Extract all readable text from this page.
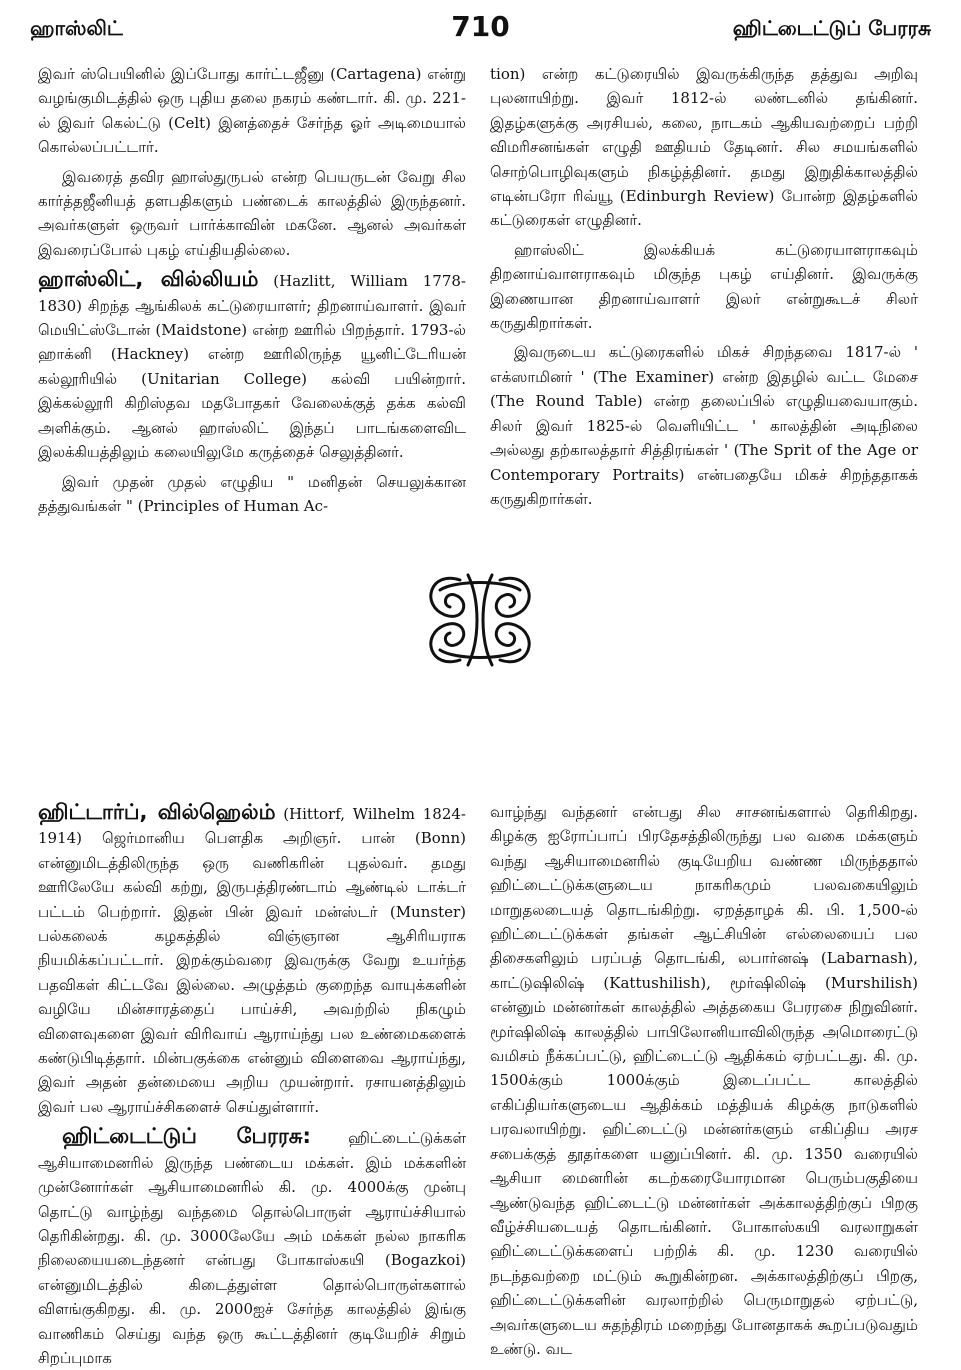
ஹாஸ்லிட்	710	ஹிட்டைட்டுப் பேரரசு

இவர் ஸ்பெயினில் இப்போது கார்ட்டஜீனு (Cartagena) என்று வழங்குமிடத்தில் ஒரு புதிய தலை நகரம் கண்டார். கி. மு. 221-ல் இவர் கெல்ட்டு (Celt) இனத்தைச் சேர்ந்த ஓர் அடிமையால் கொல்லப்பட்டார்.

இவரைத் தவிர ஹாஸ்துருபல் என்ற பெயருடன் வேறு சில கார்த்தஜீனியத் தளபதிகளும் பண்டைக் காலத்தில் இருந்தனர். அவர்களுள் ஒருவர் பார்க்காவின் மகனே. ஆனல் அவர்கள் இவரைப்போல் புகழ் எய்தியதில்லை.

ஹாஸ்லிட், வில்லியம் (Hazlitt, William 1778-1830) சிறந்த ஆங்கிலக் கட்டுரையாளர்; திறனாய்வாளர். இவர் மெயிட்ஸ்டோன் (Maidstone) என்ற ஊரில் பிறந்தார். 1793-ல் ஹாக்னி (Hackney) என்ற ஊரிலிருந்த யூனிட்டேரியன் கல்லூரியில் (Unitarian College) கல்வி பயின்றார். இக்கல்லூரி கிறிஸ்தவ மதபோதகர் வேலைக்குத் தக்க கல்வி அளிக்கும். ஆனல் ஹாஸ்லிட் இந்தப் பாடங்களைவிட இலக்கியத்திலும் கலையிலுமே கருத்தைச் செலுத்தினர்.

இவர் முதன் முதல் எழுதிய " மனிதன் செயலுக்கான தத்துவங்கள் " (Principles of Human Ac-

tion) என்ற கட்டுரையில் இவருக்கிருந்த தத்துவ அறிவு புலனாயிற்று. இவர் 1812-ல் லண்டனில் தங்கினர். இதழ்களுக்கு அரசியல், கலை, நாடகம் ஆகியவற்றைப் பற்றி விமரிசனங்கள் எழுதி ஊதியம் தேடினர். சில சமயங்களில் சொற்பொழிவுகளும் நிகழ்த்தினர். தமது இறுதிக்காலத்தில் எடின்பரோ ரிவ்யூ (Edinburgh Review) போன்ற இதழ்களில் கட்டுரைகள் எழுதினர்.

ஹாஸ்லிட் இலக்கியக் கட்டுரையாளராகவும் திறனாய்வாளராகவும் மிகுந்த புகழ் எய்தினர். இவருக்கு இணையான திறனாய்வாளர் இலர் என்றுகூடச் சிலர் கருதுகிறார்கள்.

இவருடைய கட்டுரைகளில் மிகச் சிறந்தவை 1817-ல் ' எக்ஸாமினர் ' (The Examiner) என்ற இதழில் வட்ட மேசை (The Round Table) என்ற தலைப்பில் எழுதியவையாகும். சிலர் இவர் 1825-ல் வெளியிட்ட ' காலத்தின் அடிநிலை அல்லது தற்காலத்தார் சித்திரங்கள் ' (The Sprit of the Age or Contemporary Portraits) என்பதையே மிகச் சிறந்ததாகக் கருதுகிறார்கள்.

ஹிட்டார்ப், வில்ஹெல்ம் (Hittorf, Wilhelm 1824-1914) ஜெர்மானிய பௌதிக அறிஞர். பான் (Bonn) என்னுமிடத்திலிருந்த ஒரு வணிகரின் புதல்வர். தமது ஊரிலேயே கல்வி கற்று, இருபத்திரண்டாம் ஆண்டில் டாக்டர் பட்டம் பெற்றார். இதன் பின் இவர் மன்ஸ்டர் (Munster) பல்கலைக் கழகத்தில் விஞ்ஞான ஆசிரியராக நியமிக்கப்பட்டார். இறக்கும்வரை இவருக்கு வேறு உயர்ந்த பதவிகள் கிட்டவே இல்லை. அழுத்தம் குறைந்த வாயுக்களின் வழியே மின்சாரத்தைப் பாய்ச்சி, அவற்றில் நிகழும் விளைவுகளை இவர் விரிவாய் ஆராய்ந்து பல உண்மைகளைக் கண்டுபிடித்தார். மின்பகுக்கை என்னும் விளைவை ஆராய்ந்து, இவர் அதன் தன்மையை அறிய முயன்றார். ரசாயனத்திலும் இவர் பல ஆராய்ச்சிகளைச் செய்துள்ளார்.

ஹிட்டைட்டுப் பேரரசு: ஹிட்டைட்டுக்கள் ஆசியாமைனரில் இருந்த பண்டைய மக்கள். இம் மக்களின் முன்னோர்கள் ஆசியாமைனரில் கி. மு. 4000க்கு முன்பு தொட்டு வாழ்ந்து வந்தமை தொல்பொருள் ஆராய்ச்சியால் தெரிகின்றது. கி. மு. 3000லேயே அம் மக்கள் நல்ல நாகரிக நிலையையடைந்தனர் என்பது போகாஸ்கயி (Bogazkoi) என்னுமிடத்தில் கிடைத்துள்ள தொல்பொருள்களால் விளங்குகிறது. கி. மு. 2000ஐச் சேர்ந்த காலத்தில் இங்கு வாணிகம் செய்து வந்த ஒரு கூட்டத்தினர் குடியேறிச் சிறும் சிறப்புமாக

வாழ்ந்து வந்தனர் என்பது சில சாசனங்களால் தெரிகிறது. கிழக்கு ஐரோப்பாப் பிரதேசத்திலிருந்து பல வகை மக்களும் வந்து ஆசியாமைனரில் குடியேறிய வண்ண மிருந்ததால் ஹிட்டைட்டுக்களுடைய நாகரிகமும் பலவகையிலும் மாறுதலடையத் தொடங்கிற்று. ஏறத்தாழக் கி. பி. 1,500-ல் ஹிட்டைட்டுக்கள் தங்கள் ஆட்சியின் எல்லையைப் பல திசைகளிலும் பரப்பத் தொடங்கி, லபார்னஷ் (Labarnash), காட்டுஷிலிஷ் (Kattushilish), மூர்ஷிலிஷ் (Murshilish) என்னும் மன்னர்கள் காலத்தில் அத்தகைய பேரரசை நிறுவினர். மூர்ஷிலிஷ் காலத்தில் பாபிலோனியாவிலிருந்த அமொரைட்டு வமிசம் நீக்கப்பட்டு, ஹிட்டைட்டு ஆதிக்கம் ஏற்பட்டது. கி. மு. 1500க்கும் 1000க்கும் இடைப்பட்ட காலத்தில் எகிப்தியர்களுடைய ஆதிக்கம் மத்தியக் கிழக்கு நாடுகளில் பரவலாயிற்று. ஹிட்டைட்டு மன்னர்களும் எகிப்திய அரச சபைக்குத் தூதர்களை யனுப்பினர். கி. மு. 1350 வரையில் ஆசியா மைனரின் கடற்கரையோரமான பெரும்பகுதியை ஆண்டுவந்த ஹிட்டைட்டு மன்னர்கள் அக்காலத்திற்குப் பிறகு வீழ்ச்சியடையத் தொடங்கினர். போகாஸ்கயி வரலாறுகள் ஹிட்டைட்டுக்களைப் பற்றிக் கி. மு. 1230 வரையில் நடந்தவற்றை மட்டும் கூறுகின்றன. அக்காலத்திற்குப் பிறகு, ஹிட்டைட்டுக்களின் வரலாற்றில் பெருமாறுதல் ஏற்பட்டு, அவர்களுடைய சுதந்திரம் மறைந்து போனதாகக் கூறப்படுவதும் உண்டு. வட
